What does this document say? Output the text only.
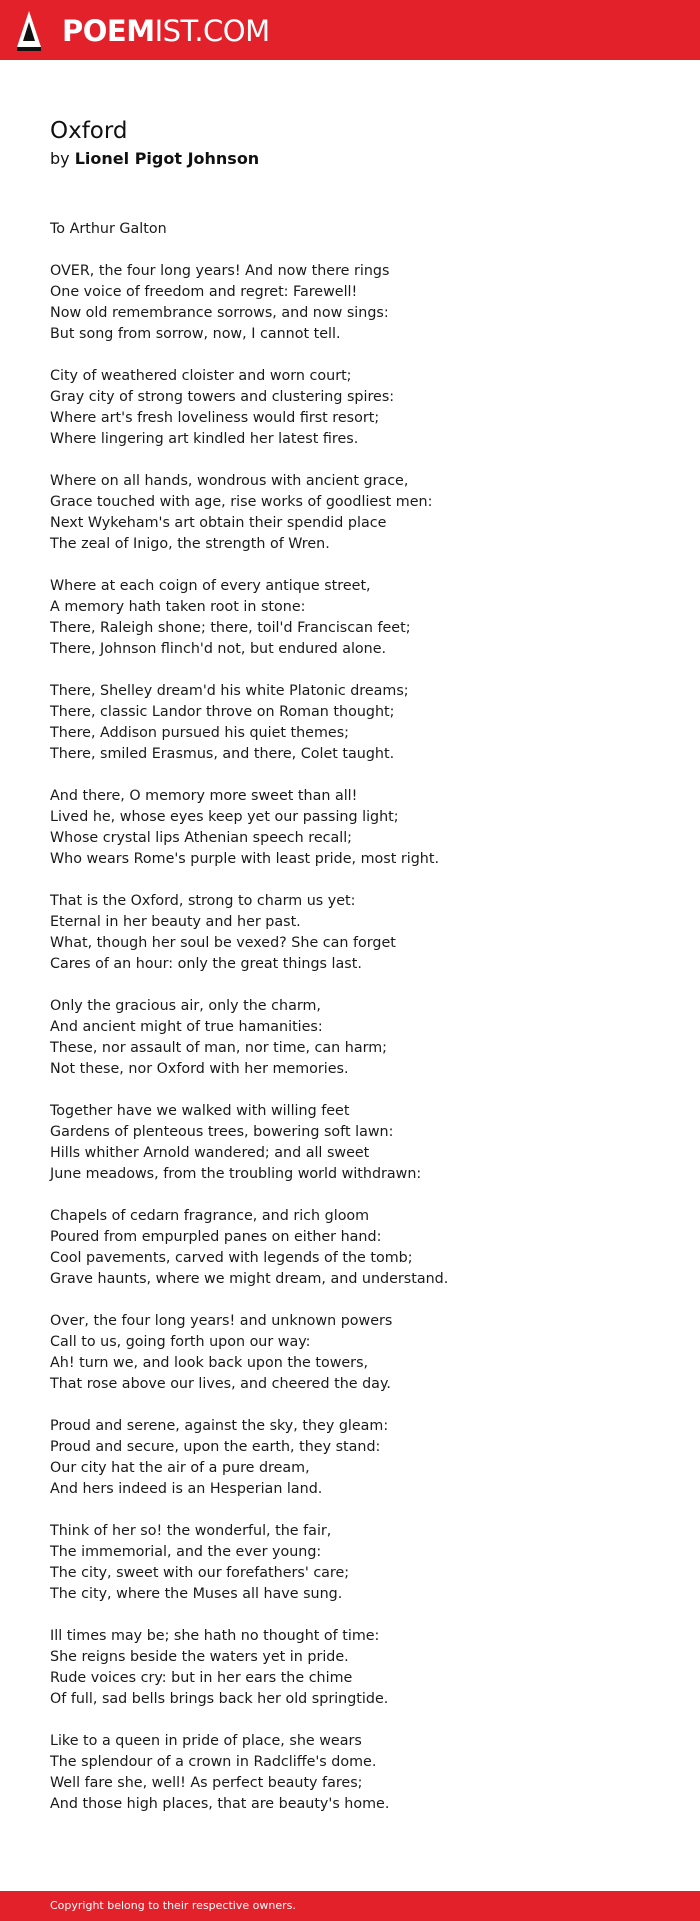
POEMIST.COM
Oxford
by Lionel Pigot Johnson
To Arthur Galton
OVER, the four long years! And now there rings
One voice of freedom and regret: Farewell!
Now old remembrance sorrows, and now sings:
But song from sorrow, now, I cannot tell.
City of weathered cloister and worn court;
Gray city of strong towers and clustering spires:
Where art's fresh loveliness would first resort;
Where lingering art kindled her latest fires.
Where on all hands, wondrous with ancient grace,
Grace touched with age, rise works of goodliest men:
Next Wykeham's art obtain their spendid place
The zeal of Inigo, the strength of Wren.
Where at each coign of every antique street,
A memory hath taken root in stone:
There, Raleigh shone; there, toil'd Franciscan feet;
There, Johnson flinch'd not, but endured alone.
There, Shelley dream'd his white Platonic dreams;
There, classic Landor throve on Roman thought;
There, Addison pursued his quiet themes;
There, smiled Erasmus, and there, Colet taught.
And there, O memory more sweet than all!
Lived he, whose eyes keep yet our passing light;
Whose crystal lips Athenian speech recall;
Who wears Rome's purple with least pride, most right.
That is the Oxford, strong to charm us yet:
Eternal in her beauty and her past.
What, though her soul be vexed? She can forget
Cares of an hour: only the great things last.
Only the gracious air, only the charm,
And ancient might of true hamanities:
These, nor assault of man, nor time, can harm;
Not these, nor Oxford with her memories.
Together have we walked with willing feet
Gardens of plenteous trees, bowering soft lawn:
Hills whither Arnold wandered; and all sweet
June meadows, from the troubling world withdrawn:
Chapels of cedarn fragrance, and rich gloom
Poured from empurpled panes on either hand:
Cool pavements, carved with legends of the tomb;
Grave haunts, where we might dream, and understand.
Over, the four long years! and unknown powers
Call to us, going forth upon our way:
Ah! turn we, and look back upon the towers,
That rose above our lives, and cheered the day.
Proud and serene, against the sky, they gleam:
Proud and secure, upon the earth, they stand:
Our city hat the air of a pure dream,
And hers indeed is an Hesperian land.
Think of her so! the wonderful, the fair,
The immemorial, and the ever young:
The city, sweet with our forefathers' care;
The city, where the Muses all have sung.
Ill times may be; she hath no thought of time:
She reigns beside the waters yet in pride.
Rude voices cry: but in her ears the chime
Of full, sad bells brings back her old springtide.
Like to a queen in pride of place, she wears
The splendour of a crown in Radcliffe's dome.
Well fare she, well! As perfect beauty fares;
And those high places, that are beauty's home.
Copyright belong to their respective owners.
